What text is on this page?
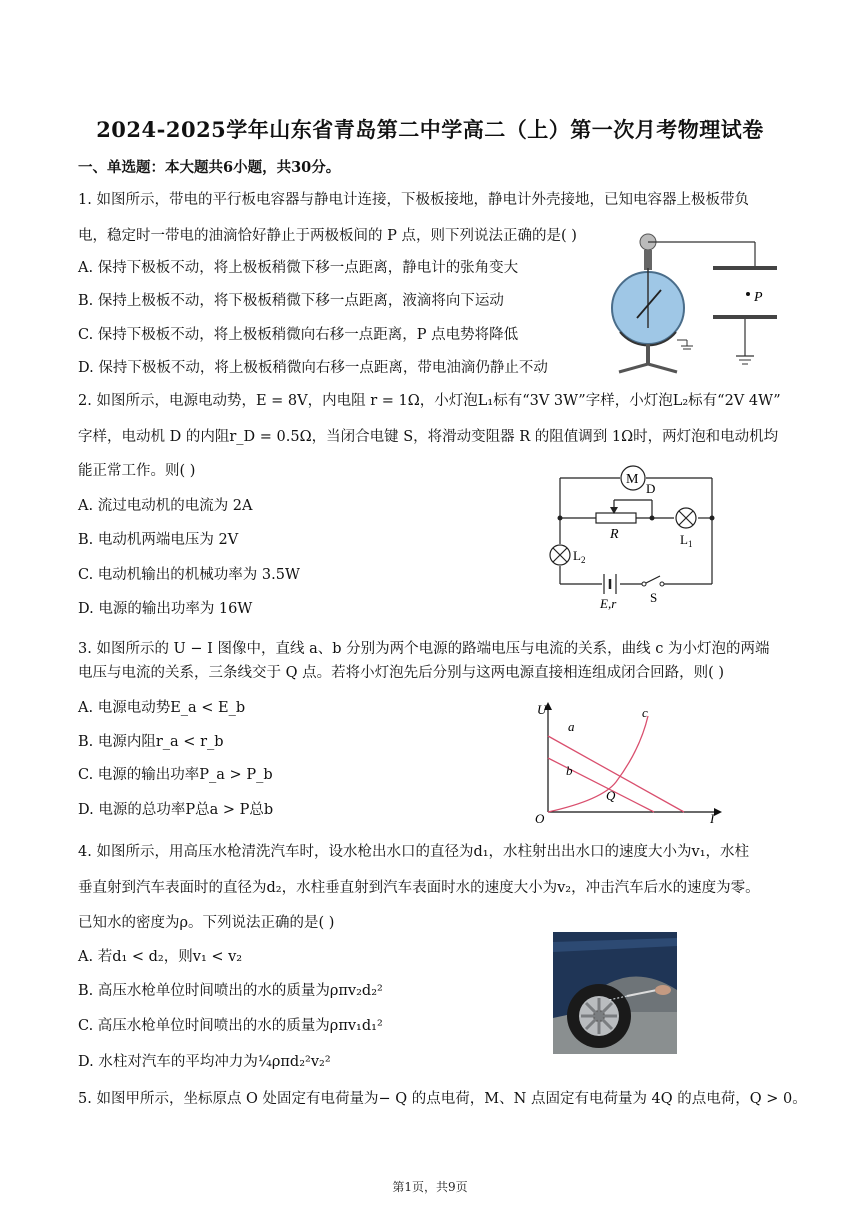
2024-2025学年山东省青岛第二中学高二（上）第一次月考物理试卷
一、单选题：本大题共6小题，共30分。
1. 如图所示，带电的平行板电容器与静电计连接，下极板接地，静电计外壳接地，已知电容器上极板带负
电，稳定时一带电的油滴恰好静止于两极板间的 P 点，则下列说法正确的是( )
A. 保持下极板不动，将上极板稍微下移一点距离，静电计的张角变大
B. 保持上极板不动，将下极板稍微下移一点距离，液滴将向下运动
C. 保持下极板不动，将上极板稍微向右移一点距离，P 点电势将降低
D. 保持下极板不动，将上极板稍微向右移一点距离，带电油滴仍静止不动
P
2. 如图所示，电源电动势，E = 8V，内电阻 r = 1Ω，小灯泡L₁标有“3V 3W”字样，小灯泡L₂标有“2V 4W”
字样，电动机 D 的内阻r_D = 0.5Ω，当闭合电键 S，将滑动变阻器 R 的阻值调到 1Ω时，两灯泡和电动机均
能正常工作。则( )
A. 流过电动机的电流为 2A
B. 电动机两端电压为 2V
C. 电动机输出的机械功率为 3.5W
D. 电源的输出功率为 16W
M
D
R	$L_1$
$L_2$
E,r	S
3. 如图所示的 U − I 图像中，直线 a、b 分别为两个电源的路端电压与电流的关系，曲线 c 为小灯泡的两端
电压与电流的关系，三条线交于 Q 点。若将小灯泡先后分别与这两电源直接相连组成闭合回路，则( )
A. 电源电动势E_a < E_b
B. 电源内阻r_a < r_b
C. 电源的输出功率P_a > P_b
D. 电源的总功率P总a > P总b
U
I
O
a
b
c
Q
4. 如图所示，用高压水枪清洗汽车时，设水枪出水口的直径为d₁，水柱射出出水口的速度大小为v₁，水柱
垂直射到汽车表面时的直径为d₂，水柱垂直射到汽车表面时水的速度大小为v₂，冲击汽车后水的速度为零。
已知水的密度为ρ。下列说法正确的是( )
A. 若d₁ < d₂，则v₁ < v₂
B. 高压水枪单位时间喷出的水的质量为ρπv₂d₂²
C. 高压水枪单位时间喷出的水的质量为ρπv₁d₁²
D. 水柱对汽车的平均冲力为¼ρπd₂²v₂²
5. 如图甲所示，坐标原点 O 处固定有电荷量为− Q 的点电荷，M、N 点固定有电荷量为 4Q 的点电荷，Q > 0。
第1页，共9页
